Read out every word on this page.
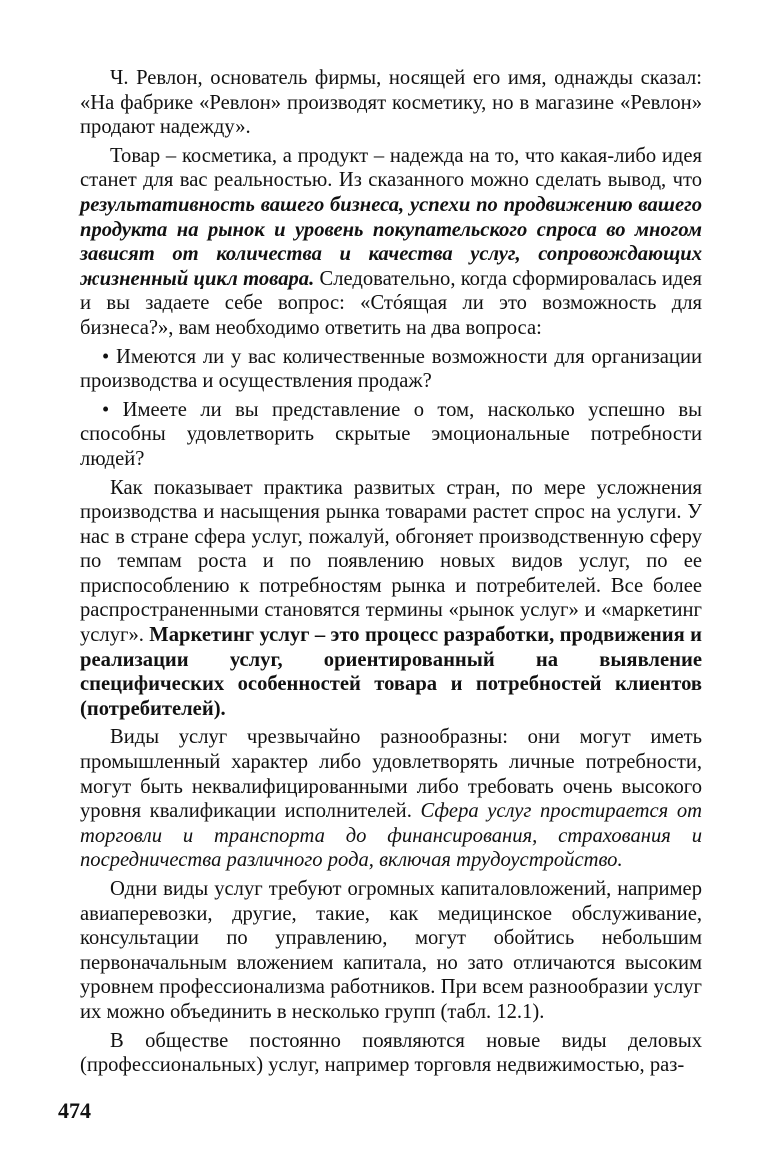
Ч. Ревлон, основатель фирмы, носящей его имя, однажды сказал: «На фабрике «Ревлон» производят косметику, но в магазине «Ревлон» продают надежду».

Товар – косметика, а продукт – надежда на то, что какая-либо идея станет для вас реальностью. Из сказанного можно сделать вывод, что результативность вашего бизнеса, успехи по продвижению вашего продукта на рынок и уровень покупательского спроса во многом зависят от количества и качества услуг, сопровождающих жизненный цикл товара. Следовательно, когда сформировалась идея и вы задаете себе вопрос: «Стóящая ли это возможность для бизнеса?», вам необходимо ответить на два вопроса:

• Имеются ли у вас количественные возможности для организации производства и осуществления продаж?

• Имеете ли вы представление о том, насколько успешно вы способны удовлетворить скрытые эмоциональные потребности людей?

Как показывает практика развитых стран, по мере усложнения производства и насыщения рынка товарами растет спрос на услуги. У нас в стране сфера услуг, пожалуй, обгоняет производственную сферу по темпам роста и по появлению новых видов услуг, по ее приспособлению к потребностям рынка и потребителей. Все более распространенными становятся термины «рынок услуг» и «маркетинг услуг». Маркетинг услуг – это процесс разработки, продвижения и реализации услуг, ориентированный на выявление специфических особенностей товара и потребностей клиентов (потребителей).

Виды услуг чрезвычайно разнообразны: они могут иметь промышленный характер либо удовлетворять личные потребности, могут быть неквалифицированными либо требовать очень высокого уровня квалификации исполнителей. Сфера услуг простирается от торговли и транспорта до финансирования, страхования и посредничества различного рода, включая трудоустройство.

Одни виды услуг требуют огромных капиталовложений, например авиаперевозки, другие, такие, как медицинское обслуживание, консультации по управлению, могут обойтись небольшим первоначальным вложением капитала, но зато отличаются высоким уровнем профессионализма работников. При всем разнообразии услуг их можно объединить в несколько групп (табл. 12.1).

В обществе постоянно появляются новые виды деловых (профессиональных) услуг, например торговля недвижимостью, раз-

474
